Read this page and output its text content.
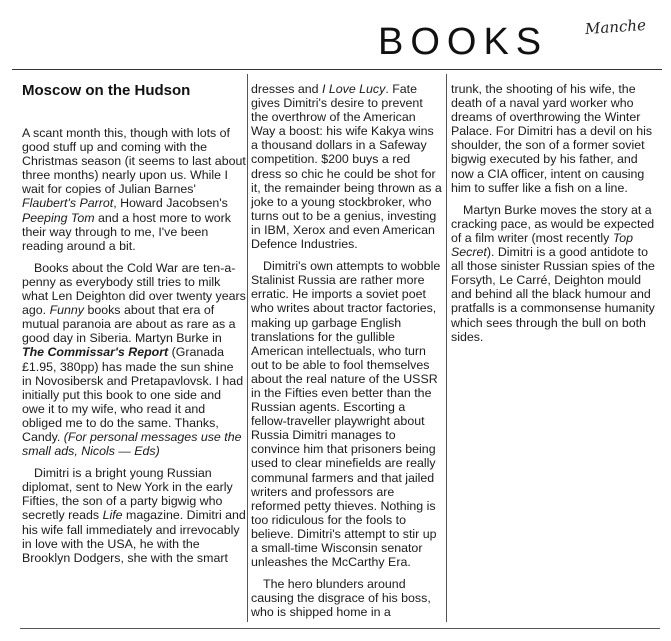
BOOKS Manche
Moscow on the Hudson

A scant month this, though with lots of good stuff up and coming with the Christmas season (it seems to last about three months) nearly upon us. While I wait for copies of Julian Barnes' Flaubert's Parrot, Howard Jacobsen's Peeping Tom and a host more to work their way through to me, I've been reading around a bit.

Books about the Cold War are ten-a-penny as everybody still tries to milk what Len Deighton did over twenty years ago. Funny books about that era of mutual paranoia are about as rare as a good day in Siberia. Martyn Burke in The Commissar's Report (Granada £1.95, 380pp) has made the sun shine in Novosibersk and Pretapavlovsk. I had initially put this book to one side and owe it to my wife, who read it and obliged me to do the same. Thanks, Candy. (For personal messages use the small ads, Nicols — Eds)

Dimitri is a bright young Russian diplomat, sent to New York in the early Fifties, the son of a party bigwig who secretly reads Life magazine. Dimitri and his wife fall immediately and irrevocably in love with the USA, he with the Brooklyn Dodgers, she with the smart

dresses and I Love Lucy. Fate gives Dimitri's desire to prevent the overthrow of the American Way a boost: his wife Kakya wins a thousand dollars in a Safeway competition. $200 buys a red dress so chic he could be shot for it, the remainder being thrown as a joke to a young stockbroker, who turns out to be a genius, investing in IBM, Xerox and even American Defence Industries.

Dimitri's own attempts to wobble Stalinist Russia are rather more erratic. He imports a soviet poet who writes about tractor factories, making up garbage English translations for the gullible American intellectuals, who turn out to be able to fool themselves about the real nature of the USSR in the Fifties even better than the Russian agents. Escorting a fellow-traveller playwright about Russia Dimitri manages to convince him that prisoners being used to clear minefields are really communal farmers and that jailed writers and professors are reformed petty thieves. Nothing is too ridiculous for the fools to believe. Dimitri's attempt to stir up a small-time Wisconsin senator unleashes the McCarthy Era.

The hero blunders around causing the disgrace of his boss, who is shipped home in a

trunk, the shooting of his wife, the death of a naval yard worker who dreams of overthrowing the Winter Palace. For Dimitri has a devil on his shoulder, the son of a former soviet bigwig executed by his father, and now a CIA officer, intent on causing him to suffer like a fish on a line.

Martyn Burke moves the story at a cracking pace, as would be expected of a film writer (most recently Top Secret). Dimitri is a good antidote to all those sinister Russian spies of the Forsyth, Le Carré, Deighton mould and behind all the black humour and pratfalls is a commonsense humanity which sees through the bull on both sides.
